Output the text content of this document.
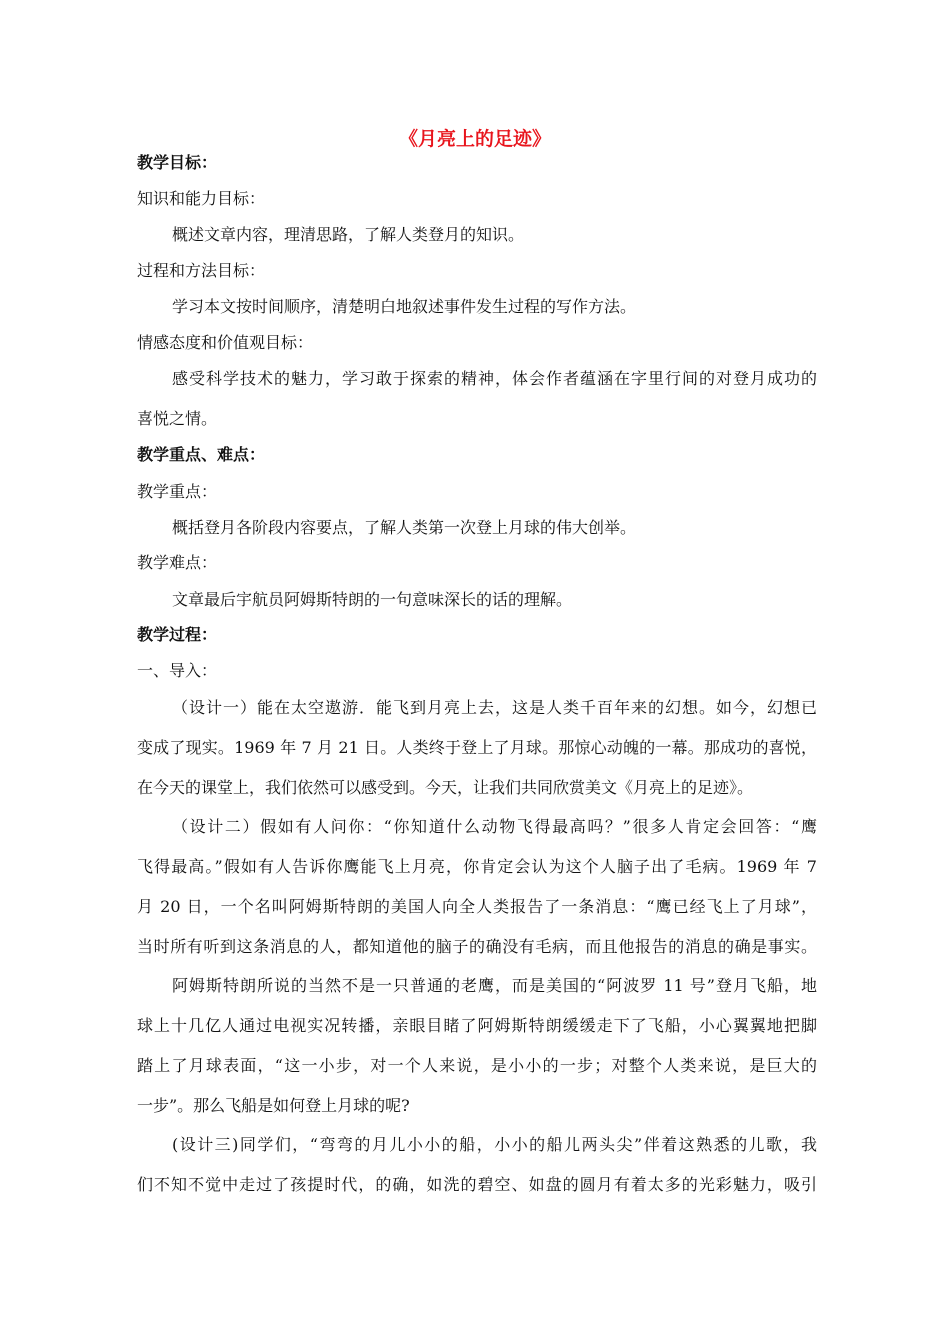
《月亮上的足迹》
教学目标：
知识和能力目标：
概述文章内容，理清思路，了解人类登月的知识。
过程和方法目标：
学习本文按时间顺序，清楚明白地叙述事件发生过程的写作方法。
情感态度和价值观目标：
感受科学技术的魅力，学习敢于探索的精神，体会作者蕴涵在字里行间的对登月成功的
喜悦之情。
教学重点、难点：
教学重点：
概括登月各阶段内容要点，了解人类第一次登上月球的伟大创举。
教学难点：
文章最后宇航员阿姆斯特朗的一句意味深长的话的理解。
教学过程：
一、导入：
（设计一）能在太空遨游．能飞到月亮上去，这是人类千百年来的幻想。如今，幻想已
变成了现实。1969 年 7 月 21 日。人类终于登上了月球。那惊心动魄的一幕。那成功的喜悦，
在今天的课堂上，我们依然可以感受到。今天，让我们共同欣赏美文《月亮上的足迹》。
（设计二）假如有人问你：“你知道什么动物飞得最高吗？”很多人肯定会回答：“鹰
飞得最高。”假如有人告诉你鹰能飞上月亮，你肯定会认为这个人脑子出了毛病。1969 年 7
月 20 日，一个名叫阿姆斯特朗的美国人向全人类报告了一条消息：“鹰已经飞上了月球”，
当时所有听到这条消息的人，都知道他的脑子的确没有毛病，而且他报告的消息的确是事实。
阿姆斯特朗所说的当然不是一只普通的老鹰，而是美国的“阿波罗 11 号”登月飞船，地
球上十几亿人通过电视实况转播，亲眼目睹了阿姆斯特朗缓缓走下了飞船，小心翼翼地把脚
踏上了月球表面，“这一小步，对一个人来说，是小小的一步；对整个人类来说，是巨大的
一步”。那么飞船是如何登上月球的呢?
(设计三)同学们，“弯弯的月儿小小的船，小小的船儿两头尖”伴着这熟悉的儿歌，我
们不知不觉中走过了孩提时代，的确，如洗的碧空、如盘的圆月有着太多的光彩魅力，吸引
